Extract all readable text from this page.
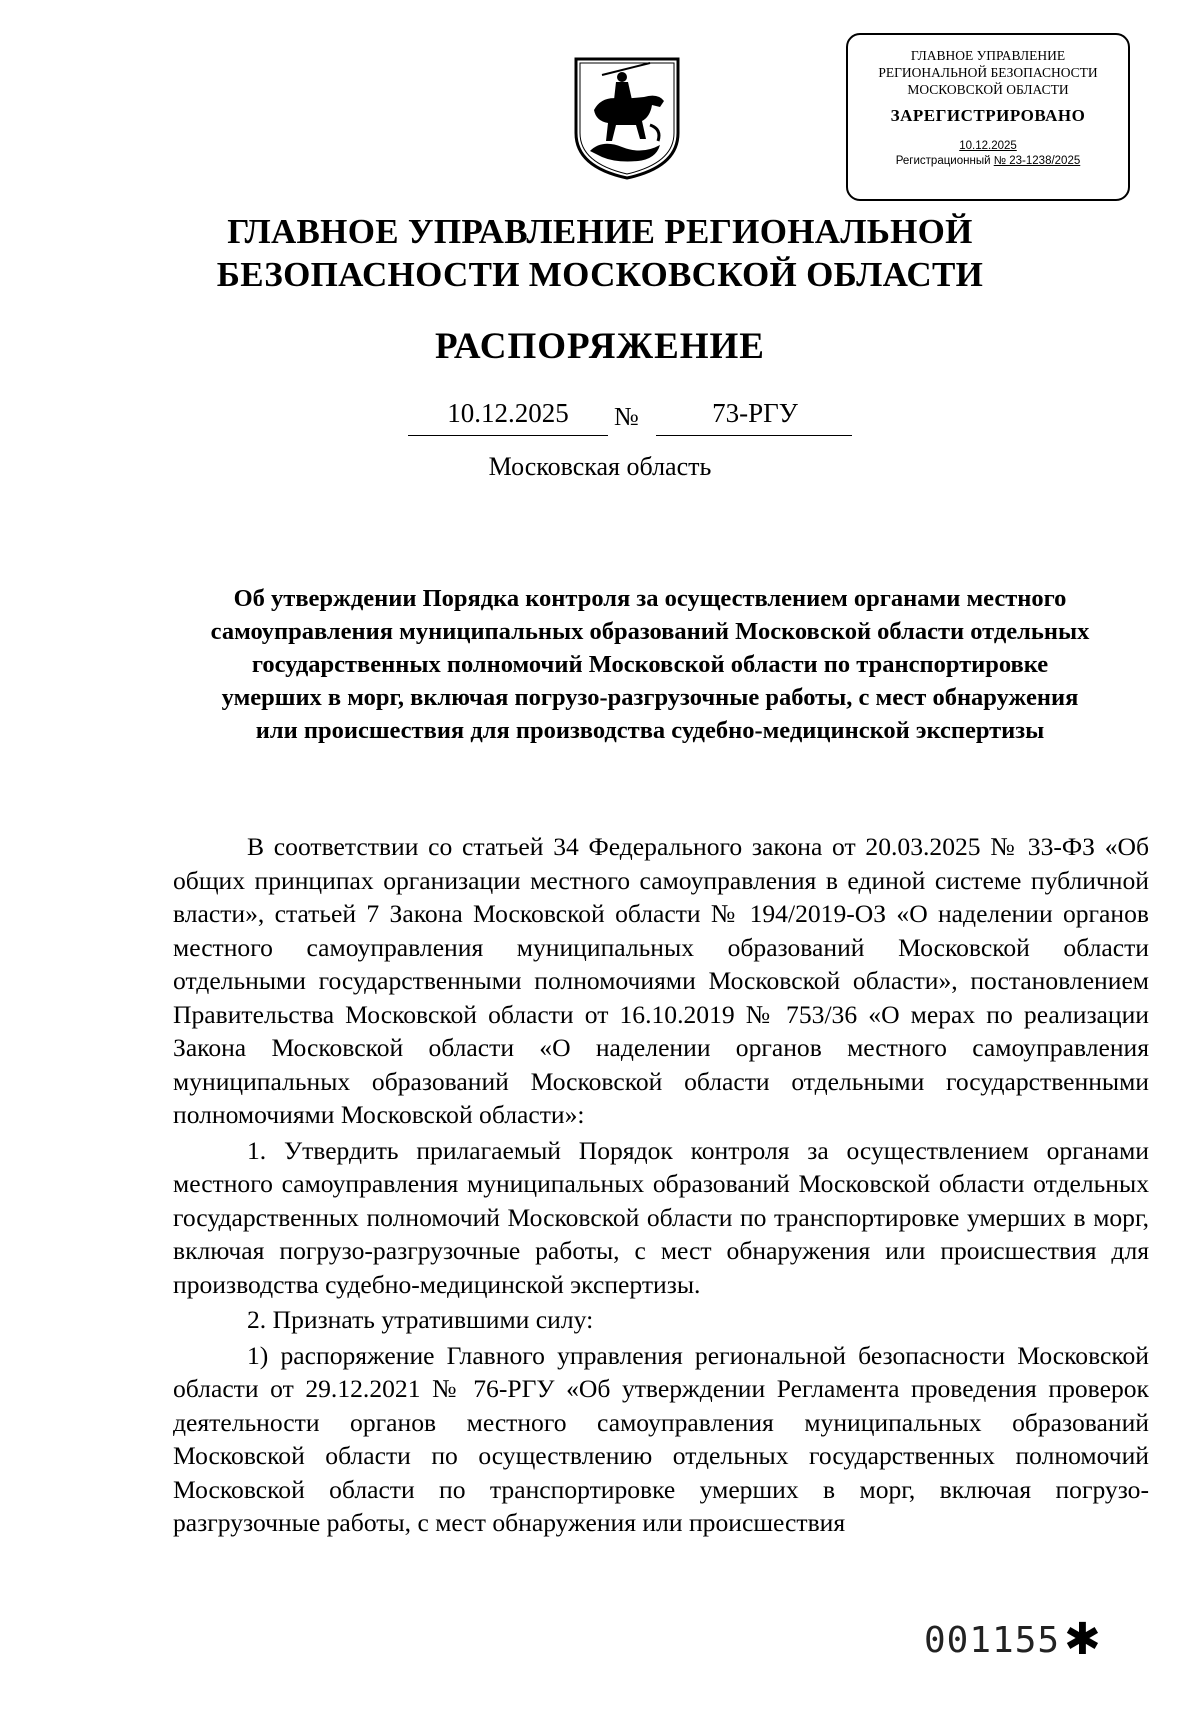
ГЛАВНОЕ УПРАВЛЕНИЕ
РЕГИОНАЛЬНОЙ БЕЗОПАСНОСТИ
МОСКОВСКОЙ ОБЛАСТИ
ЗАРЕГИСТРИРОВАНО
10.12.2025
Регистрационный № 23-1238/2025
ГЛАВНОЕ УПРАВЛЕНИЕ РЕГИОНАЛЬНОЙ
БЕЗОПАСНОСТИ МОСКОВСКОЙ ОБЛАСТИ
РАСПОРЯЖЕНИЕ
10.12.2025	№	73-РГУ
Московская область
Об утверждении Порядка контроля за осуществлением органами местного
самоуправления муниципальных образований Московской области отдельных
государственных полномочий Московской области по транспортировке
умерших в морг, включая погрузо-разгрузочные работы, с мест обнаружения
или происшествия для производства судебно-медицинской экспертизы

В соответствии со статьей 34 Федерального закона от 20.03.2025 № 33-ФЗ «Об общих принципах организации местного самоуправления в единой системе публичной власти», статьей 7 Закона Московской области № 194/2019-ОЗ «О наделении органов местного самоуправления муниципальных образований Московской области отдельными государственными полномочиями Московской области», постановлением Правительства Московской области от 16.10.2019 № 753/36 «О мерах по реализации Закона Московской области «О наделении органов местного самоуправления муниципальных образований Московской области отдельными государственными полномочиями Московской области»:

1. Утвердить прилагаемый Порядок контроля за осуществлением органами местного самоуправления муниципальных образований Московской области отдельных государственных полномочий Московской области по транспортировке умерших в морг, включая погрузо-разгрузочные работы, с мест обнаружения или происшествия для производства судебно-медицинской экспертизы.

2. Признать утратившими силу:

1) распоряжение Главного управления региональной безопасности Московской области от 29.12.2021 № 76-РГУ «Об утверждении Регламента проведения проверок деятельности органов местного самоуправления муниципальных образований Московской области по осуществлению отдельных государственных полномочий Московской области по транспортировке умерших в морг, включая погрузо-разгрузочные работы, с мест обнаружения или происшествия

001155 ✱
